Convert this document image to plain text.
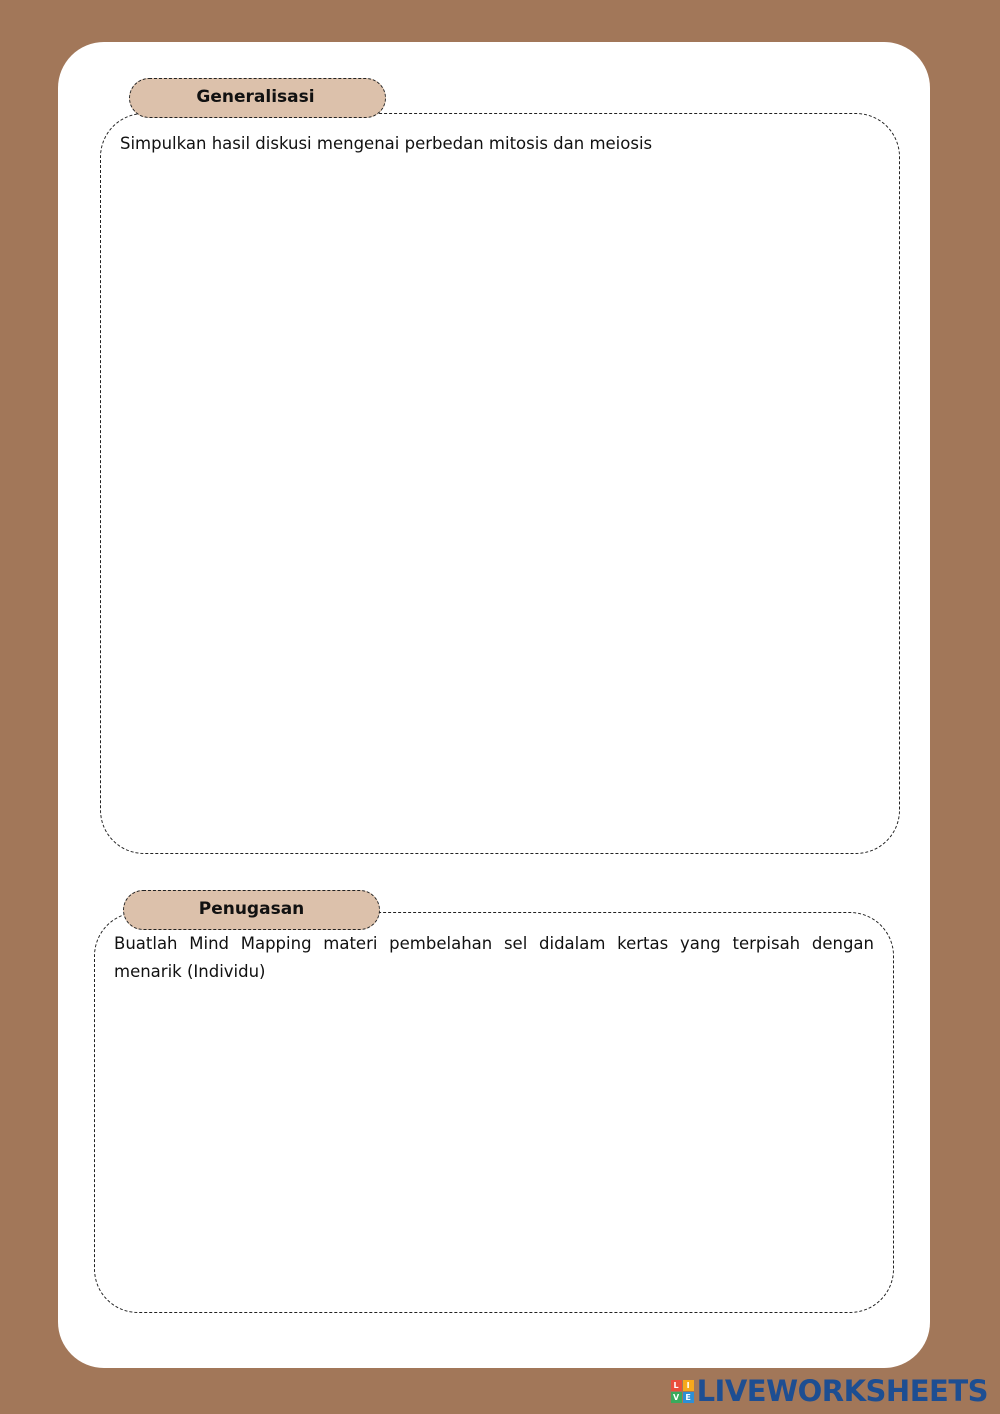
Generalisasi
Simpulkan hasil diskusi mengenai perbedan mitosis dan meiosis
Penugasan
Buatlah Mind Mapping materi pembelahan sel didalam kertas yang terpisah dengan menarik (Individu)
L I
V E LIVEWORKSHEETS
